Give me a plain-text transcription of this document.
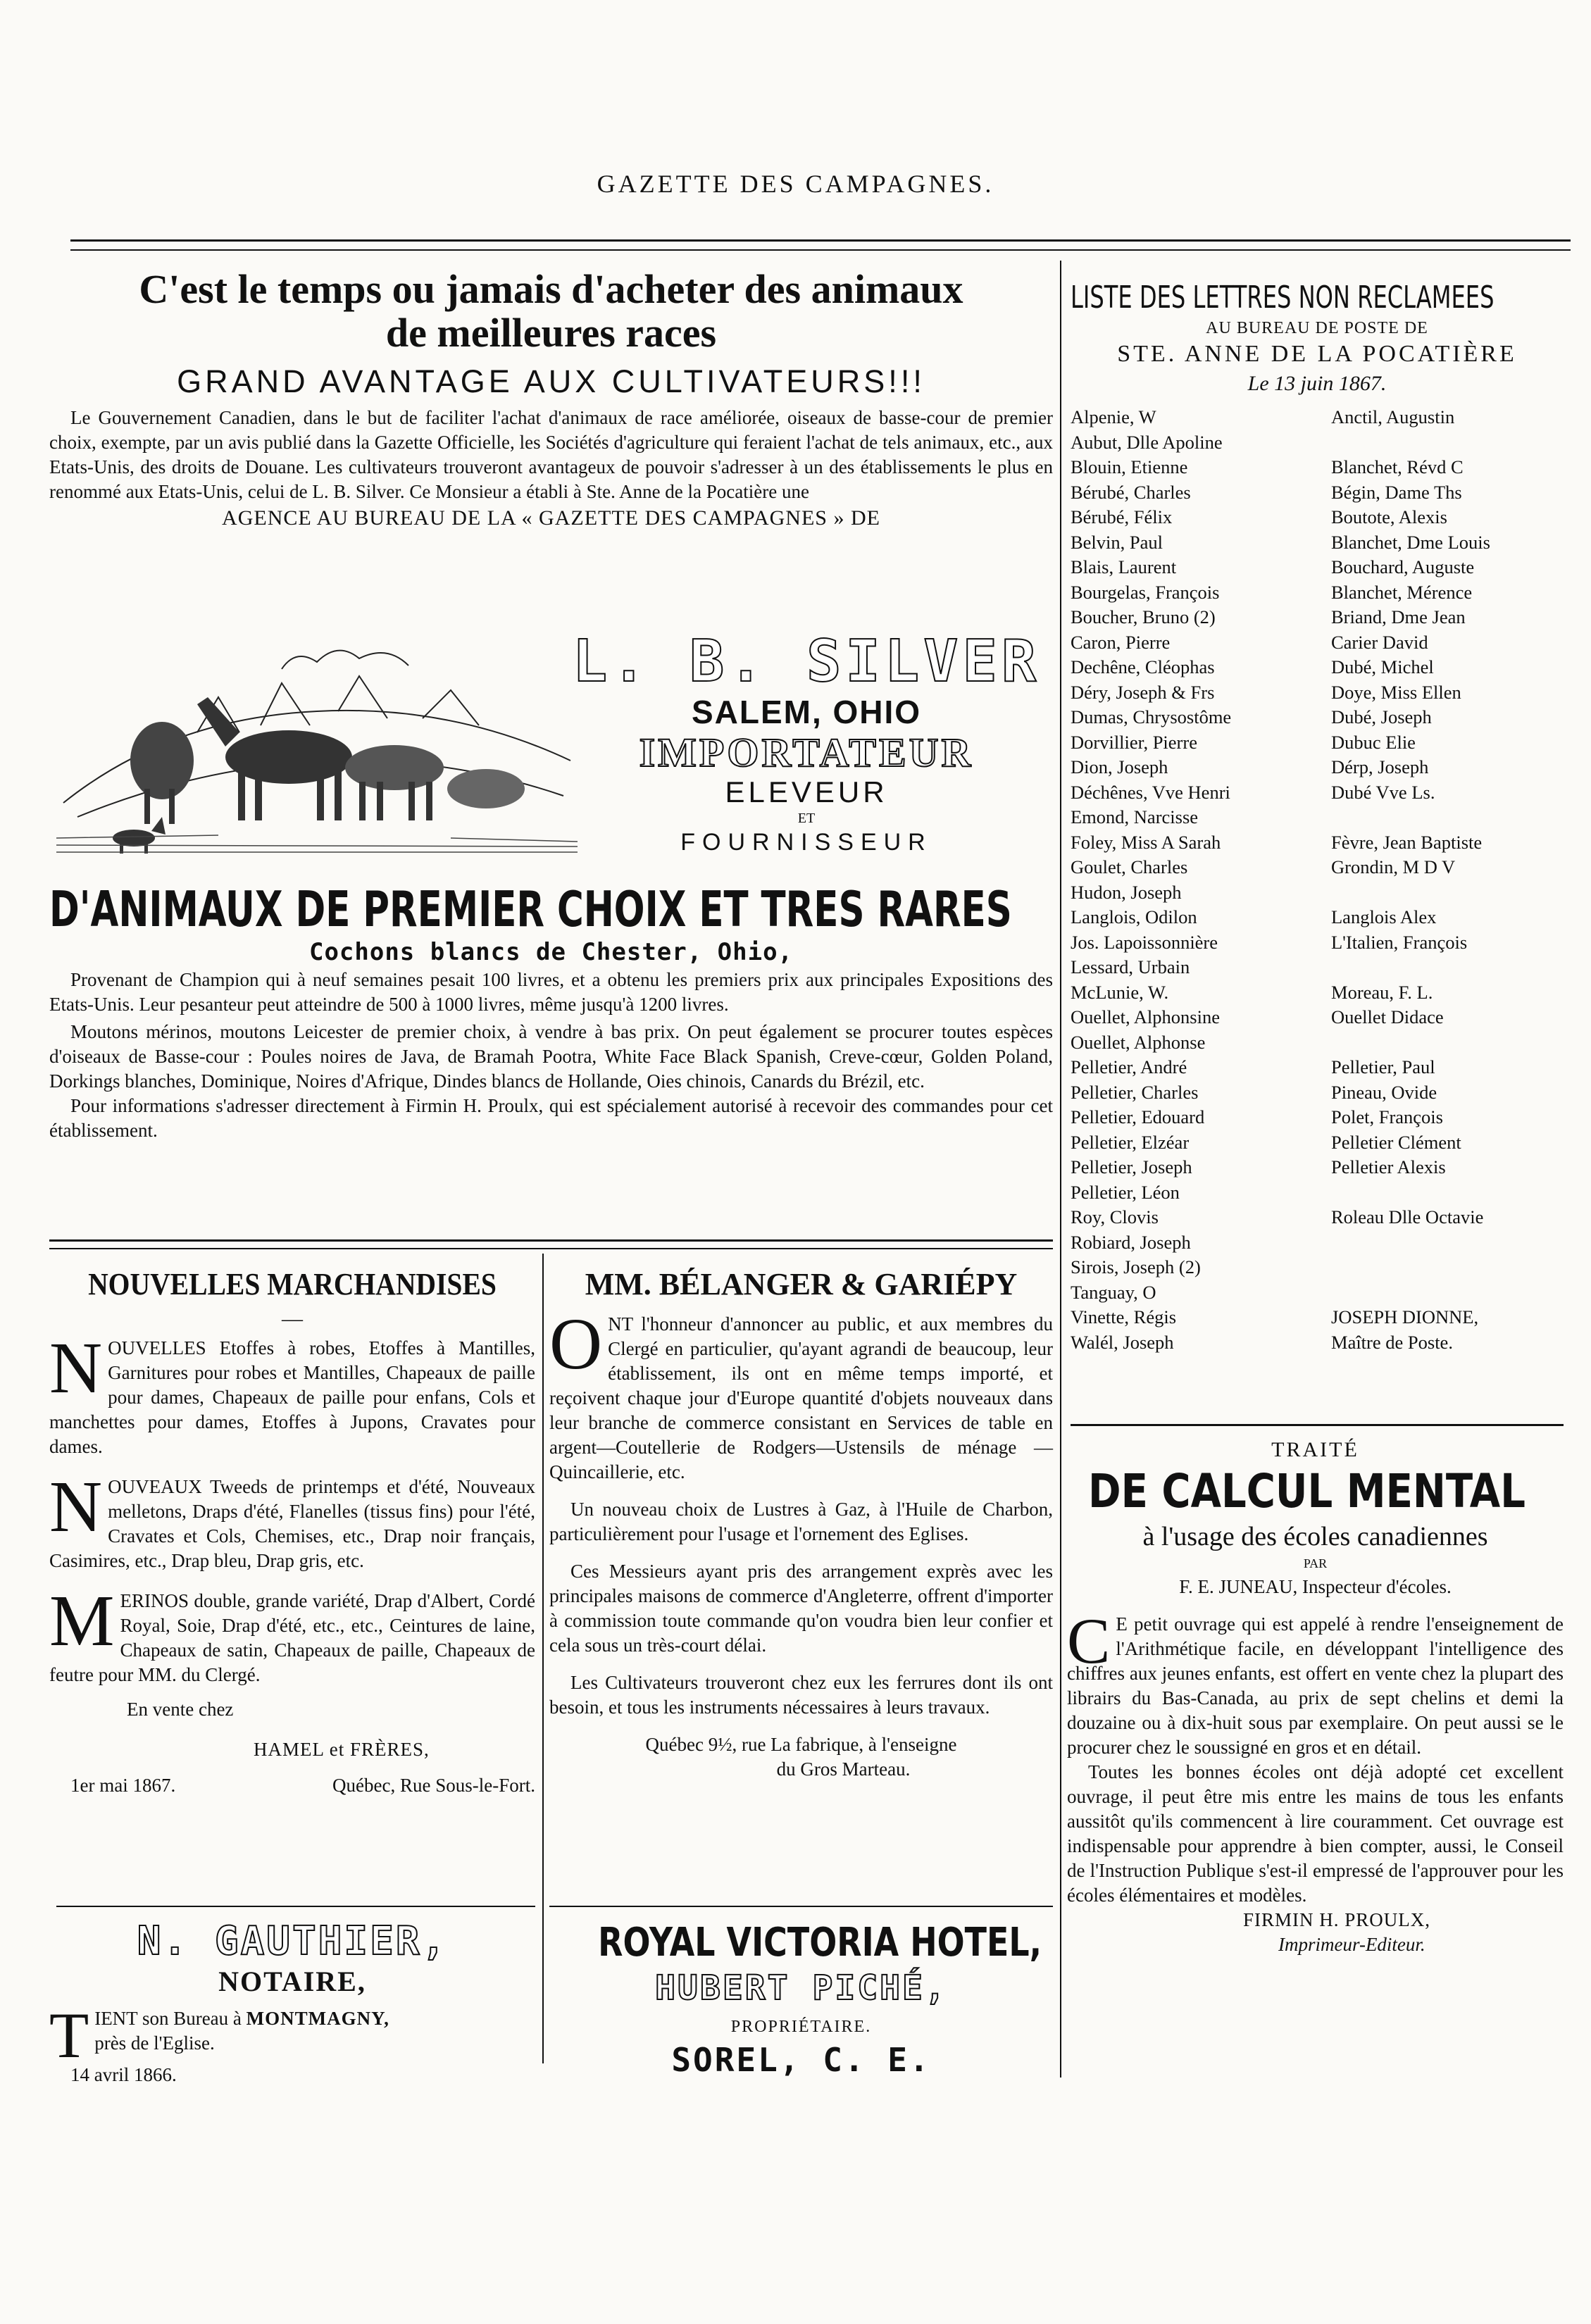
GAZETTE DES CAMPAGNES.
C'est le temps ou jamais d'acheter des animaux
de meilleures races
GRAND AVANTAGE AUX CULTIVATEURS!!!

Le Gouvernement Canadien, dans le but de faciliter l'achat d'animaux de race améliorée, oiseaux de basse-cour de premier choix, exempte, par un avis publié dans la Gazette Officielle, les Sociétés d'agriculture qui feraient l'achat de tels animaux, etc., aux Etats-Unis, des droits de Douane. Les cultivateurs trouveront avantageux de pouvoir s'adresser à un des établissements le plus en renommé aux Etats-Unis, celui de L. B. Silver. Ce Monsieur a établi à Ste. Anne de la Pocatière une

AGENCE AU BUREAU DE LA « GAZETTE DES CAMPAGNES » DE
L. B. SILVER
SALEM, OHIO
IMPORTATEUR
ELEVEUR
ET
FOURNISSEUR
D'ANIMAUX DE PREMIER CHOIX ET TRES RARES
Cochons blancs de Chester, Ohio,

Provenant de Champion qui à neuf semaines pesait 100 livres, et a obtenu les premiers prix aux principales Expositions des Etats-Unis. Leur pesanteur peut atteindre de 500 à 1000 livres, même jusqu'à 1200 livres.

Moutons mérinos, moutons Leicester de premier choix, à vendre à bas prix. On peut également se procurer toutes espèces d'oiseaux de Basse-cour : Poules noires de Java, de Bramah Pootra, White Face Black Spanish, Creve-cœur, Golden Poland, Dorkings blanches, Dominique, Noires d'Afrique, Dindes blancs de Hollande, Oies chinois, Canards du Brézil, etc.

Pour informations s'adresser directement à Firmin H. Proulx, qui est spécialement autorisé à recevoir des commandes pour cet établissement.

NOUVELLES MARCHANDISES
—
NOUVELLES Etoffes à robes, Etoffes à Mantilles, Garnitures pour robes et Mantilles, Chapeaux de paille pour dames, Chapeaux de paille pour enfans, Cols et manchettes pour dames, Etoffes à Jupons, Cravates pour dames.
NOUVEAUX Tweeds de printemps et d'été, Nouveaux melletons, Draps d'été, Flanelles (tissus fins) pour l'été, Cravates et Cols, Chemises, etc., Drap noir français, Casimires, etc., Drap bleu, Drap gris, etc.
MERINOS double, grande variété, Drap d'Albert, Cordé Royal, Soie, Drap d'été, etc., etc., Ceintures de laine, Chapeaux de satin, Chapeaux de paille, Chapeaux de feutre pour MM. du Clergé.
En vente chez
HAMEL et FRÈRES,
1er mai 1867.	Québec, Rue Sous-le-Fort.
N. GAUTHIER,
NOTAIRE,
TIENT son Bureau à MONTMAGNY,
près de l'Eglise.
14 avril 1866.
MM. BÉLANGER & GARIÉPY
ONT l'honneur d'annoncer au public, et aux membres du Clergé en particulier, qu'ayant agrandi de beaucoup, leur établissement, ils ont en même temps importé, et reçoivent chaque jour d'Europe quantité d'objets nouveaux dans leur branche de commerce consistant en Services de table en argent—Coutellerie de Rodgers—Ustensils de ménage — Quincaillerie, etc.

Un nouveau choix de Lustres à Gaz, à l'Huile de Charbon, particulièrement pour l'usage et l'ornement des Eglises.

Ces Messieurs ayant pris des arrangement exprès avec les principales maisons de commerce d'Angleterre, offrent d'importer à commission toute commande qu'on voudra bien leur confier et cela sous un très-court délai.

Les Cultivateurs trouveront chez eux les ferrures dont ils ont besoin, et tous les instruments nécessaires à leurs travaux.

Québec 9½, rue La fabrique, à l'enseigne
du Gros Marteau.
ROYAL VICTORIA HOTEL,
HUBERT PICHÉ,
PROPRIÉTAIRE.
SOREL, C. E.
LISTE DES LETTRES NON RECLAMEES
AU BUREAU DE POSTE DE
STE. ANNE DE LA POCATIÈRE
Le 13 juin 1867.
Alpenie, W	Anctil, Augustin
Aubut, Dlle Apoline
Blouin, Etienne	Blanchet, Révd C
Bérubé, Charles	Bégin, Dame Ths
Bérubé, Félix	Boutote, Alexis
Belvin, Paul	Blanchet, Dme Louis
Blais, Laurent	Bouchard, Auguste
Bourgelas, François	Blanchet, Mérence
Boucher, Bruno (2)	Briand, Dme Jean
Caron, Pierre	Carier David
Dechêne, Cléophas	Dubé, Michel
Déry, Joseph & Frs	Doye, Miss Ellen
Dumas, Chrysostôme	Dubé, Joseph
Dorvillier, Pierre	Dubuc Elie
Dion, Joseph	Dérp, Joseph
Déchênes, Vve Henri	Dubé Vve Ls.
Emond, Narcisse
Foley, Miss A Sarah	Fèvre, Jean Baptiste
Goulet, Charles	Grondin, M D V
Hudon, Joseph
Langlois, Odilon	Langlois Alex
Jos. Lapoissonnière	L'Italien, François
Lessard, Urbain
McLunie, W.	Moreau, F. L.
Ouellet, Alphonsine	Ouellet Didace
Ouellet, Alphonse
Pelletier, André	Pelletier, Paul
Pelletier, Charles	Pineau, Ovide
Pelletier, Edouard	Polet, François
Pelletier, Elzéar	Pelletier Clément
Pelletier, Joseph	Pelletier Alexis
Pelletier, Léon
Roy, Clovis	Roleau Dlle Octavie
Robiard, Joseph
Sirois, Joseph (2)
Tanguay, O
Vinette, Régis	JOSEPH DIONNE,
Walél, Joseph	Maître de Poste.
TRAITÉ
DE CALCUL MENTAL
à l'usage des écoles canadiennes
PAR
F. E. JUNEAU, Inspecteur d'écoles.
C E petit ouvrage qui est appelé à rendre l'enseignement de l'Arithmétique facile, en développant l'intelligence des chiffres aux jeunes enfants, est offert en vente chez la plupart des librairs du Bas-Canada, au prix de sept chelins et demi la douzaine ou à dix-huit sous par exemplaire. On peut aussi se le procurer chez le soussigné en gros et en détail.

Toutes les bonnes écoles ont déjà adopté cet excellent ouvrage, il peut être mis entre les mains de tous les enfants aussitôt qu'ils commencent à lire couramment. Cet ouvrage est indispensable pour apprendre à bien compter, aussi, le Conseil de l'Instruction Publique s'est-il empressé de l'approuver pour les écoles élémentaires et modèles.

FIRMIN H. PROULX,
Imprimeur-Editeur.
